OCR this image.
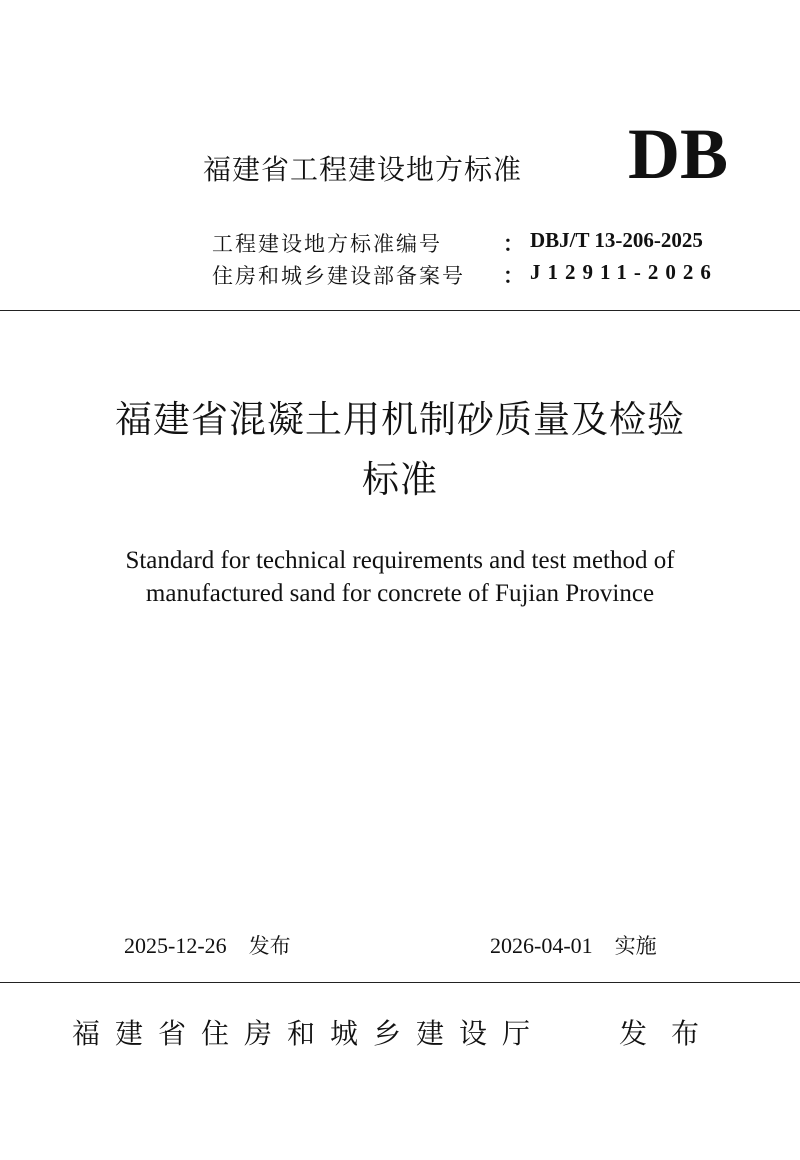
福建省工程建设地方标准 DB
工程建设地方标准编号	： DBJ/T 13-206-2025
住房和城乡建设部备案号 ： J12911-2026
福建省混凝土用机制砂质量及检验
标准
Standard for technical requirements and test method of
manufactured sand for concrete of Fujian Province
2025-12-26 发布	2026-04-01 实施
福建省住房和城乡建设厅	发布
